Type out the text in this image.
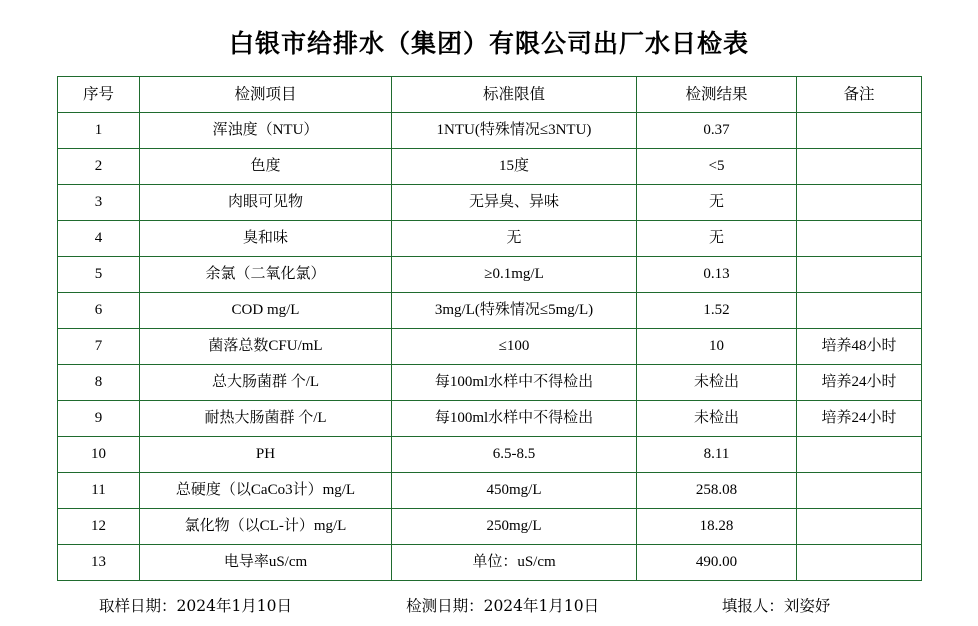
白银市给排水（集团）有限公司出厂水日检表
序号	检测项目	标准限值	检测结果	备注
1	浑浊度（NTU）	1NTU(特殊情况≤3NTU)	0.37	
2	色度	15度	<5	
3	肉眼可见物	无异臭、异味	无	
4	臭和味	无	无	
5	余氯（二氧化氯）	≥0.1mg/L	0.13	
6	COD mg/L	3mg/L(特殊情况≤5mg/L)	1.52	
7	菌落总数CFU/mL	≤100	10	培养48小时
8	总大肠菌群 个/L	每100ml水样中不得检出	未检出	培养24小时
9	耐热大肠菌群 个/L	每100ml水样中不得检出	未检出	培养24小时
10	PH	6.5-8.5	8.11	
11	总硬度（以CaCo3计）mg/L	450mg/L	258.08	
12	氯化物（以CL-计）mg/L	250mg/L	18.28	
13	电导率uS/cm	单位：uS/cm	490.00	
取样日期：2024年1月10日	检测日期：2024年1月10日	填报人：刘姿妤
